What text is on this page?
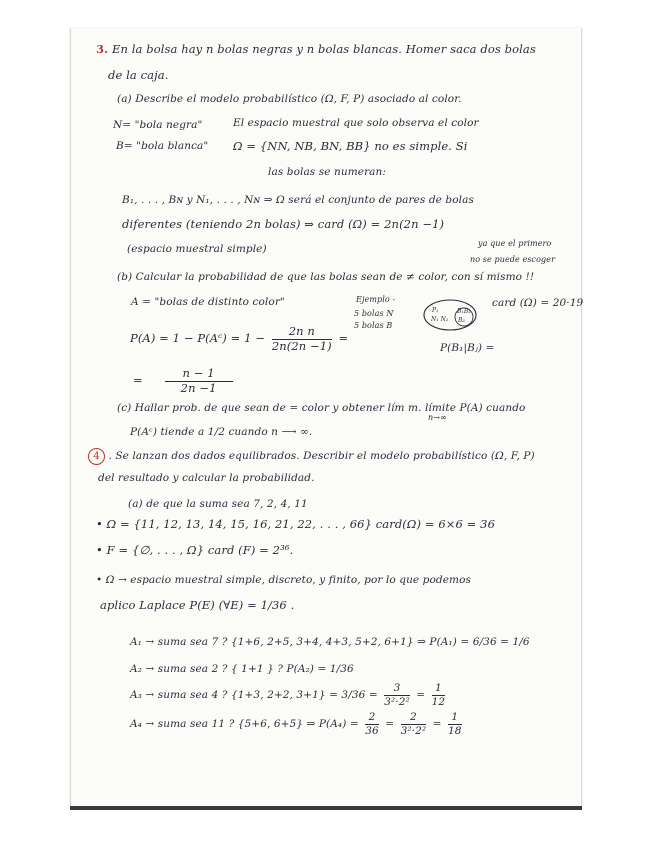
3. En la bolsa hay n bolas negras y n bolas blancas. Homer saca dos bolas
de la caja.
(a) Describe el modelo probabilístico (Ω, F, P) asociado al color.
N= "bola negra"	El espacio muestral que solo observa el color
B= "bola blanca" Ω = {NN, NB, BN, BB} no es simple. Si
las bolas se numeran:
B₁, . . . , Bɴ y N₁, . . . , Nɴ ⇒ Ω será el conjunto de pares de bolas
diferentes (teniendo 2n bolas) ⇒ card (Ω) = 2n(2n −1)
(espacio muestral simple)	ya que el primero
no se puede escoger
(b) Calcular la probabilidad de que las bolas sean de ≠ color, con sí mismo !!
A = "bolas de distinto color"	Ejemplo -
5 bolas N
5 bolas B
P₁
N₁ N₂
B₁B₂
B₃
card (Ω) = 20·19
P(A) = 1 − P(Aᶜ) = $1 - \frac{\text{2n n}}{2n(2n -1)}$ =
P(B₁|Bⱼ) =
= $\frac{n - 1}{2n -1}$
(c) Hallar prob. de que sean de = color y obtener lím m. límite P(A) cuando
n→∞
P(Aᶜ) tiende a 1/2 cuando n ⟶ ∞.
4 . Se lanzan dos dados equilibrados. Describir el modelo probabilístico (Ω, F, P)
del resultado y calcular la probabilidad.
(a) de que la suma sea 7, 2, 4, 11
• Ω = {11, 12, 13, 14, 15, 16, 21, 22, . . . , 66} card(Ω) = 6×6 = 36
• F = {∅, . . . , Ω} card (F) = 2³⁶.
• Ω → espacio muestral simple, discreto, y finito, por lo que podemos
aplico Laplace P(E) (∀E) = 1/36 .
A₁ → suma sea 7 ? {1+6, 2+5, 3+4, 4+3, 5+2, 6+1} ⇒ P(A₁) = 6/36 = 1/6
A₂ → suma sea 2 ? { 1+1 } ? P(A₂) = 1/36
A₃ → suma sea 4 ? {1+3, 2+2, $3+1\} = 3/36 = \frac{3}{\text{3²·2²}} = \frac{1}{12}$
A₄ → suma sea 11 ? {5+6, 6+5} ⇒ $P(A_4) = \frac{2}{36} = \frac{2}{\text{3²·2²}} = \frac{1}{18}$
